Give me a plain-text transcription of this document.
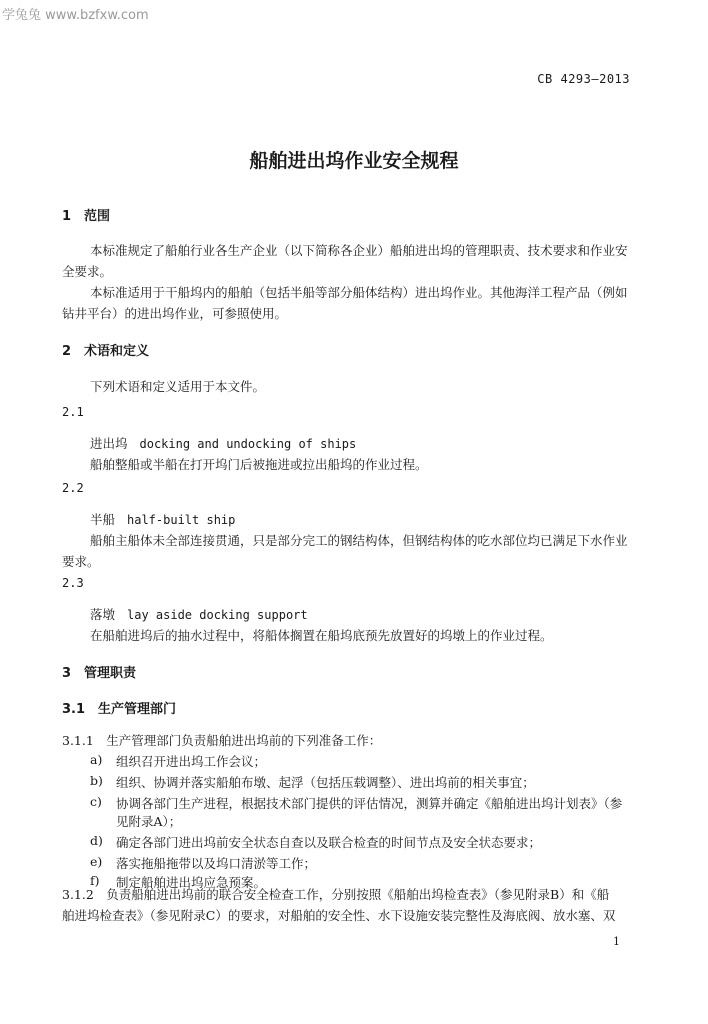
学兔兔 www.bzfxw.com
CB 4293—2013
船舶进出坞作业安全规程
1　范围
本标准规定了船舶行业各生产企业（以下简称各企业）船舶进出坞的管理职责、技术要求和作业安
全要求。
本标准适用于干船坞内的船舶（包括半船等部分船体结构）进出坞作业。其他海洋工程产品（例如
钻井平台）的进出坞作业，可参照使用。
2　术语和定义
下列术语和定义适用于本文件。
2.1
进出坞 docking and undocking of ships
船舶整船或半船在打开坞门后被拖进或拉出船坞的作业过程。
2.2
半船 half-built ship
船舶主船体未全部连接贯通，只是部分完工的钢结构体，但钢结构体的吃水部位均已满足下水作业
要求。
2.3
落墩 lay aside docking support
在船舶进坞后的抽水过程中，将船体搁置在船坞底预先放置好的坞墩上的作业过程。
3　管理职责
3.1　生产管理部门
3.1.1　生产管理部门负责船舶进出坞前的下列准备工作：
a) 组织召开进出坞工作会议；
b) 组织、协调并落实船舶布墩、起浮（包括压载调整）、进出坞前的相关事宜；
c) 协调各部门生产进程，根据技术部门提供的评估情况，测算并确定《船舶进出坞计划表》（参
见附录A）；
d) 确定各部门进出坞前安全状态自查以及联合检查的时间节点及安全状态要求；
e) 落实拖船拖带以及坞口清淤等工作；
f) 制定船舶进出坞应急预案。
3.1.2　负责船舶进出坞前的联合安全检查工作，分别按照《船舶出坞检查表》（参见附录B）和《船
舶进坞检查表》（参见附录C）的要求，对船舶的安全性、水下设施安装完整性及海底阀、放水塞、双
1
